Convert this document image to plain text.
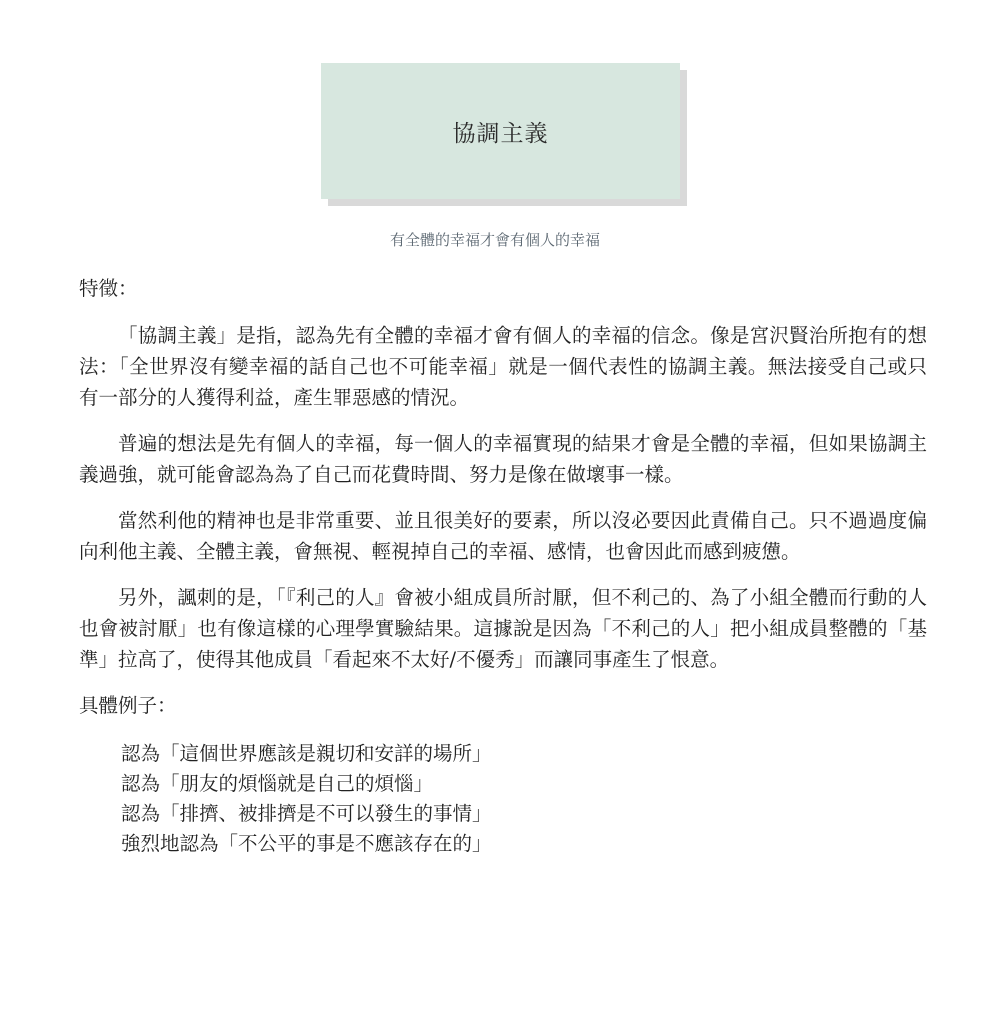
協調主義
有全體的幸福才會有個人的幸福

特徵：

「協調主義」是指，認為先有全體的幸福才會有個人的幸福的信念。像是宮沢賢治所抱有的想法：「全世界沒有變幸福的話自己也不可能幸福」就是一個代表性的協調主義。無法接受自己或只有一部分的人獲得利益，產生罪惡感的情況。

普遍的想法是先有個人的幸福，每一個人的幸福實現的結果才會是全體的幸福，但如果協調主義過強，就可能會認為為了自己而花費時間、努力是像在做壞事一樣。

當然利他的精神也是非常重要、並且很美好的要素，所以沒必要因此責備自己。只不過過度偏向利他主義、全體主義，會無視、輕視掉自己的幸福、感情，也會因此而感到疲憊。

另外，諷刺的是，「『利己的人』會被小組成員所討厭，但不利己的、為了小組全體而行動的人也會被討厭」也有像這樣的心理學實驗結果。這據說是因為「不利己的人」把小組成員整體的「基準」拉高了，使得其他成員「看起來不太好/不優秀」而讓同事產生了恨意。

具體例子：

認為「這個世界應該是親切和安詳的場所」
認為「朋友的煩惱就是自己的煩惱」
認為「排擠、被排擠是不可以發生的事情」
強烈地認為「不公平的事是不應該存在的」
